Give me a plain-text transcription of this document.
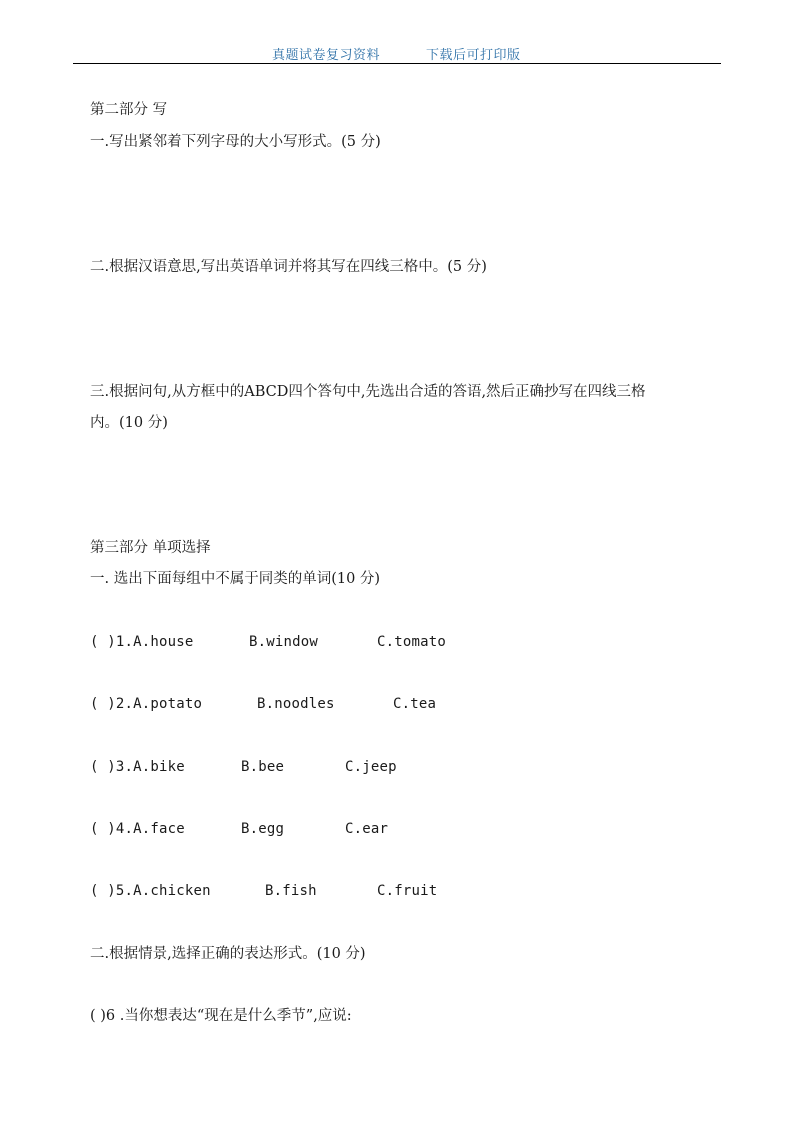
真题试卷复习资料	下载后可打印版
第二部分 写
一.写出紧邻着下列字母的大小写形式。(5 分)
二.根据汉语意思,写出英语单词并将其写在四线三格中。(5 分)
三.根据问句,从方框中的ABCD四个答句中,先选出合适的答语,然后正确抄写在四线三格
内。(10 分)
第三部分 单项选择
一. 选出下面每组中不属于同类的单词(10 分)
( )1.A.house	B.window	C.tomato
( )2.A.potato	B.noodles	C.tea
( )3.A.bike	B.bee	C.jeep
( )4.A.face	B.egg	C.ear
( )5.A.chicken	B.fish	C.fruit
二.根据情景,选择正确的表达形式。(10 分)
( )6 .当你想表达“现在是什么季节”,应说:
